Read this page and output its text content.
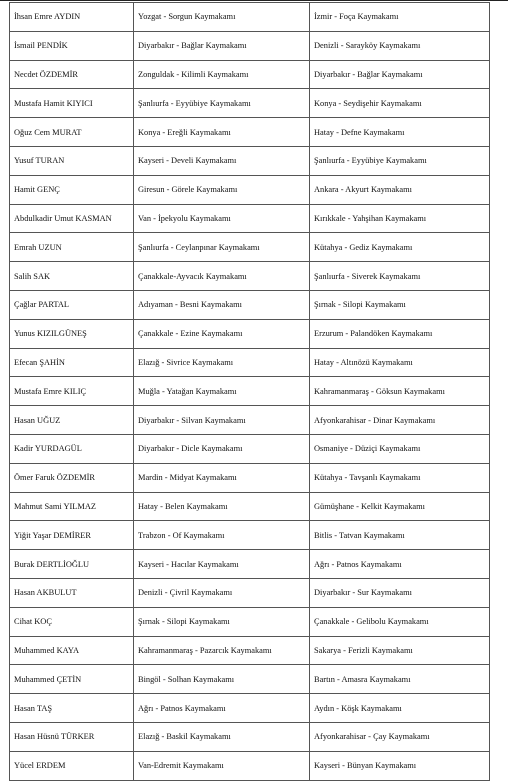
İhsan Emre AYDIN	Yozgat - Sorgun Kaymakamı	İzmir - Foça Kaymakamı
İsmail PENDİK	Diyarbakır - Bağlar Kaymakamı	Denizli - Sarayköy Kaymakamı
Necdet ÖZDEMİR	Zonguldak - Kilimli Kaymakamı	Diyarbakır - Bağlar Kaymakamı
Mustafa Hamit KIYICI	Şanlıurfa - Eyyübiye Kaymakamı	Konya - Seydişehir Kaymakamı
Oğuz Cem MURAT	Konya - Ereğli Kaymakamı	Hatay - Defne Kaymakamı
Yusuf TURAN	Kayseri - Develi Kaymakamı	Şanlıurfa - Eyyübiye Kaymakamı
Hamit GENÇ	Giresun - Görele Kaymakamı	Ankara - Akyurt Kaymakamı
Abdulkadir Umut KASMAN	Van - İpekyolu Kaymakamı	Kırıkkale - Yahşihan Kaymakamı
Emrah UZUN	Şanlıurfa - Ceylanpınar Kaymakamı	Kütahya - Gediz Kaymakamı
Salih SAK	Çanakkale-Ayvacık Kaymakamı	Şanlıurfa - Siverek Kaymakamı
Çağlar PARTAL	Adıyaman - Besni Kaymakamı	Şırnak - Silopi Kaymakamı
Yunus KIZILGÜNEŞ	Çanakkale - Ezine Kaymakamı	Erzurum - Palandöken Kaymakamı
Efecan ŞAHİN	Elazığ - Sivrice Kaymakamı	Hatay - Altınözü Kaymakamı
Mustafa Emre KILIÇ	Muğla - Yatağan Kaymakamı	Kahramanmaraş - Göksun Kaymakamı
Hasan UĞUZ	Diyarbakır - Silvan Kaymakamı	Afyonkarahisar - Dinar Kaymakamı
Kadir YURDAGÜL	Diyarbakır - Dicle Kaymakamı	Osmaniye - Düziçi Kaymakamı
Ömer Faruk ÖZDEMİR	Mardin - Midyat Kaymakamı	Kütahya - Tavşanlı Kaymakamı
Mahmut Sami YILMAZ	Hatay - Belen Kaymakamı	Gümüşhane - Kelkit Kaymakamı
Yiğit Yaşar DEMİRER	Trabzon - Of Kaymakamı	Bitlis - Tatvan Kaymakamı
Burak DERTLİOĞLU	Kayseri - Hacılar Kaymakamı	Ağrı - Patnos Kaymakamı
Hasan AKBULUT	Denizli - Çivril Kaymakamı	Diyarbakır - Sur Kaymakamı
Cihat KOÇ	Şırnak - Silopi Kaymakamı	Çanakkale - Gelibolu Kaymakamı
Muhammed KAYA	Kahramanmaraş - Pazarcık Kaymakamı	Sakarya - Ferizli Kaymakamı
Muhammed ÇETİN	Bingöl - Solhan Kaymakamı	Bartın - Amasra Kaymakamı
Hasan TAŞ	Ağrı - Patnos Kaymakamı	Aydın - Köşk Kaymakamı
Hasan Hüsnü TÜRKER	Elazığ - Baskil Kaymakamı	Afyonkarahisar - Çay Kaymakamı
Yücel ERDEM	Van-Edremit Kaymakamı	Kayseri - Bünyan Kaymakamı
